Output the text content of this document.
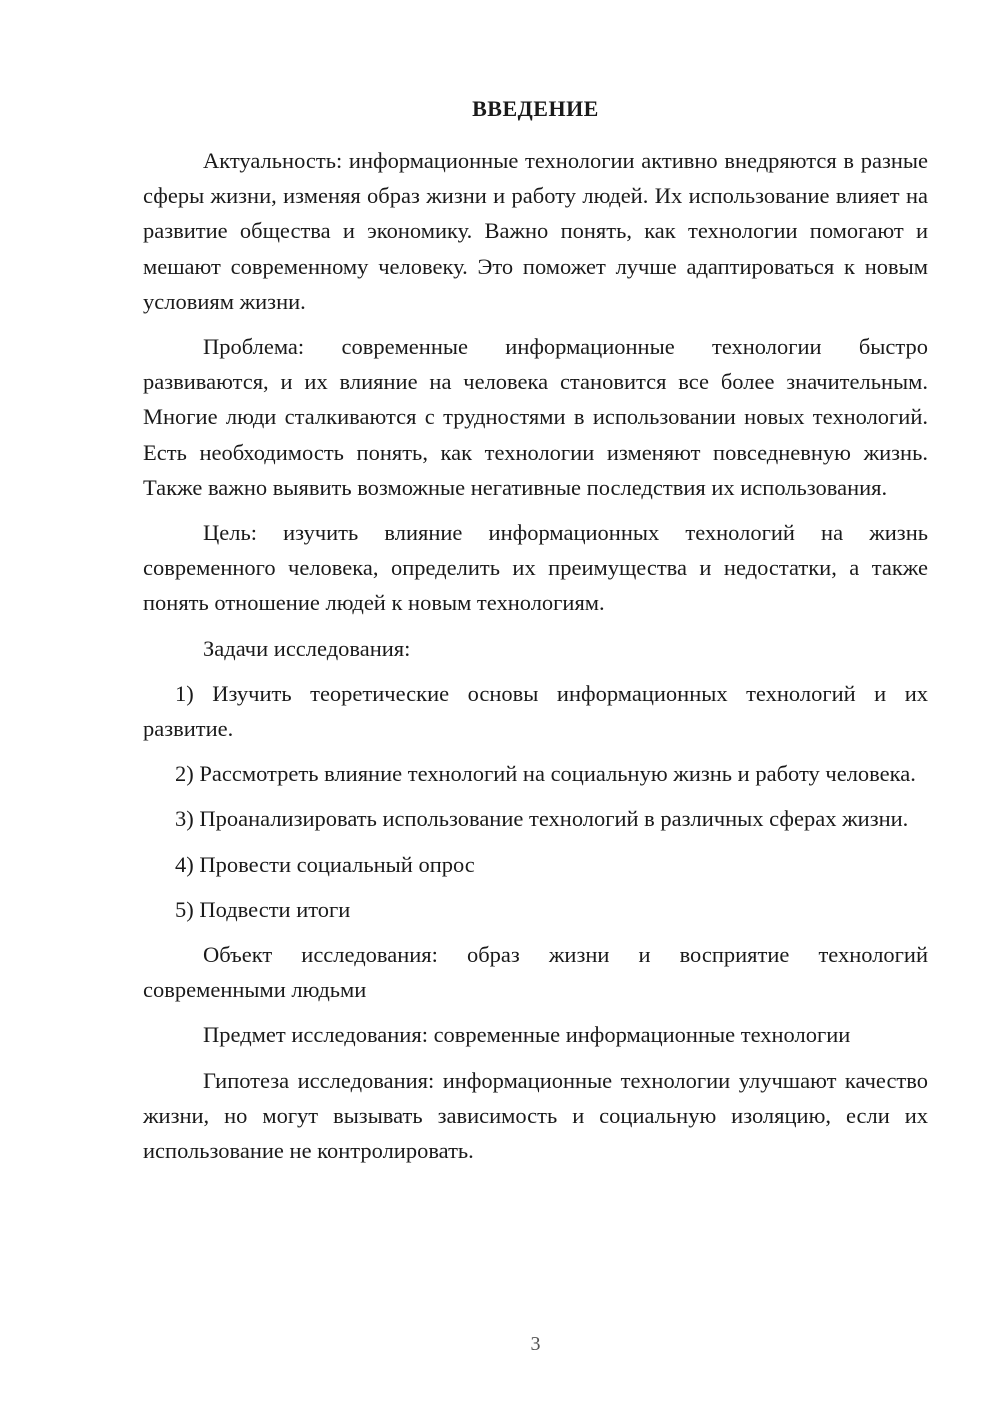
ВВЕДЕНИЕ

Актуальность: информационные технологии активно внедряются в разные сферы жизни, изменяя образ жизни и работу людей. Их использование влияет на развитие общества и экономику. Важно понять, как технологии помогают и мешают современному человеку. Это поможет лучше адаптироваться к новым условиям жизни.

Проблема: современные информационные технологии быстро развиваются, и их влияние на человека становится все более значительным. Многие люди сталкиваются с трудностями в использовании новых технологий. Есть необходимость понять, как технологии изменяют повседневную жизнь. Также важно выявить возможные негативные последствия их использования.

Цель: изучить влияние информационных технологий на жизнь современного человека, определить их преимущества и недостатки, а также понять отношение людей к новым технологиям.

Задачи исследования:

1) Изучить теоретические основы информационных технологий и их развитие.

2) Рассмотреть влияние технологий на социальную жизнь и работу человека.

3) Проанализировать использование технологий в различных сферах жизни.

4) Провести социальный опрос

5) Подвести итоги

Объект исследования: образ жизни и восприятие технологий современными людьми

Предмет исследования: современные информационные технологии

Гипотеза исследования: информационные технологии улучшают качество жизни, но могут вызывать зависимость и социальную изоляцию, если их использование не контролировать.

3
